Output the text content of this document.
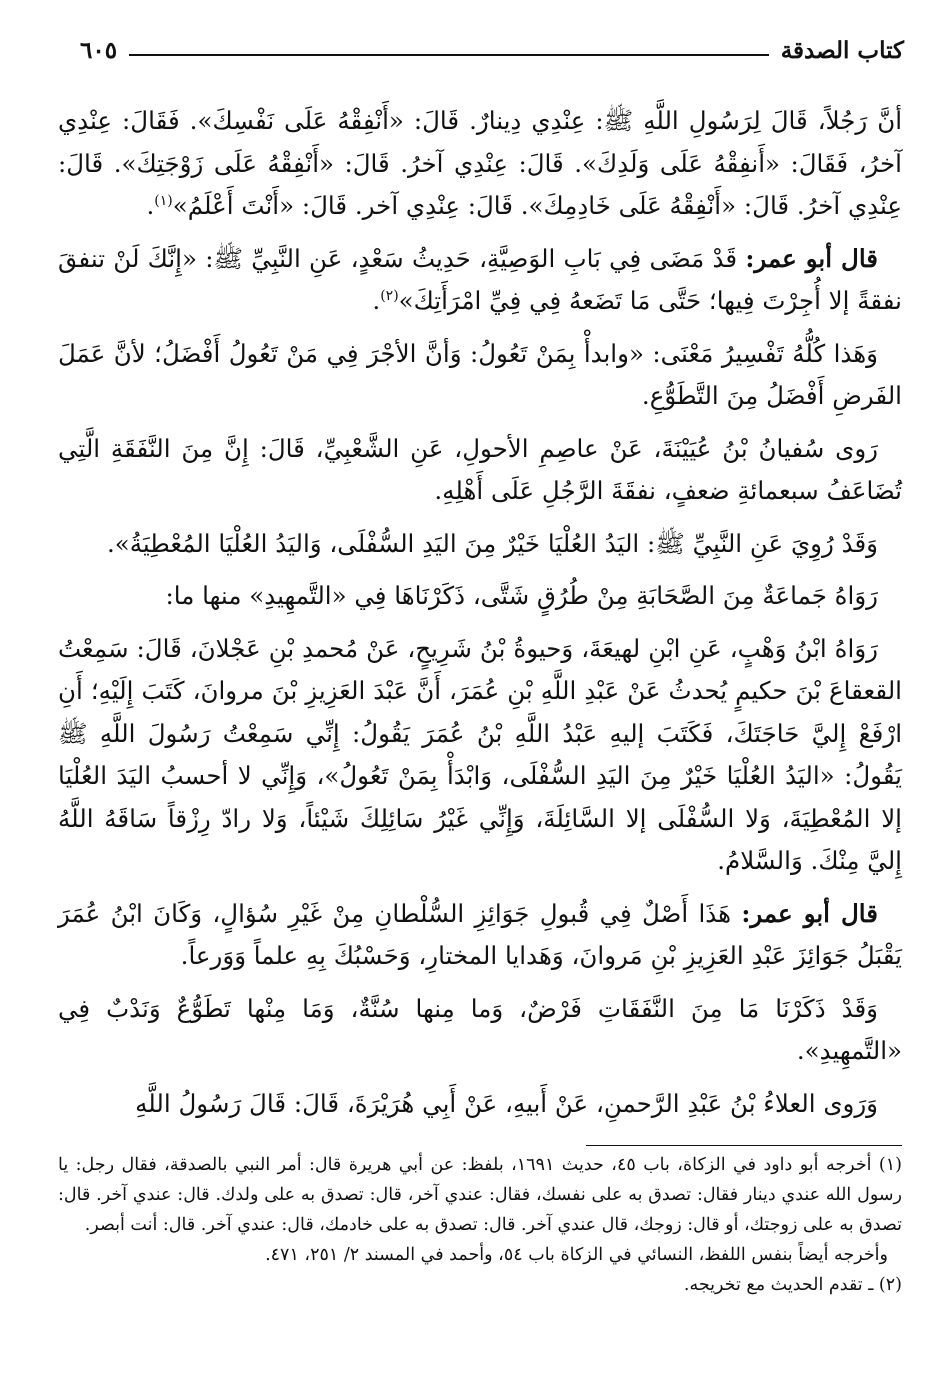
كتاب الصدقة
٦٠٥

أنَّ رَجُلاً، قَالَ لِرَسُولِ اللَّهِ ﷺ: عِنْدِي دِينارٌ. قَالَ: «أَنْفِقْهُ عَلَى نَفْسِكَ». فَقَالَ: عِنْدِي آخرُ، فَقَالَ: «أَنفِقْهُ عَلَى وَلَدِكَ». قَالَ: عِنْدِي آخرُ. قَالَ: «أَنْفِقْهُ عَلَى زَوْجَتِكَ». قَالَ: عِنْدِي آخرُ. قَالَ: «أَنْفِقْهُ عَلَى خَادِمِكَ». قَالَ: عِنْدِي آخر. قَالَ: «أَنْتَ أَعْلَمُ»$^{(١)}$.

قال أبو عمر: قَدْ مَضَى فِي بَابِ الوَصِيَّةِ، حَدِيثُ سَعْدٍ، عَنِ النَّبِيِّ ﷺ: «إِنَّكَ لَنْ تنفقَ نفقةً إلا أُجِرْتَ فِيها؛ حَتَّى مَا تَضَعهُ فِي فِيِّ امْرَأَتِكَ»$^{(٢)}$.

وَهَذا كُلُّهُ تَفْسِيرُ مَعْنَى: «وابدأْ بِمَنْ تَعُولُ: وَأنَّ الأجْرَ فِي مَنْ تَعُولُ أَفْضَلُ؛ لأنَّ عَمَلَ الفَرضِ أَفْضَلُ مِنَ التَّطَوُّعِ.

رَوى سُفيانُ بْنُ عُيَيْنَةَ، عَنْ عاصِمِ الأحولِ، عَنِ الشَّعْبِيِّ، قَالَ: إِنَّ مِنَ النَّفَقَةِ الَّتِي تُضَاعَفُ سبعمائةِ ضعفٍ، نفقَةَ الرَّجُلِ عَلَى أَهْلِهِ.

وَقَدْ رُوِيَ عَنِ النَّبِيِّ ﷺ: اليَدُ العُلْيَا خَيْرٌ مِنَ اليَدِ السُّفْلَى، وَاليَدُ العُلْيَا المُعْطِيَةُ».

رَوَاهُ جَماعَةٌ مِنَ الصَّحَابَةِ مِنْ طُرُقٍ شَتَّى، ذَكَرْنَاهَا فِي «التَّمهِيدِ» منها ما:

رَوَاهُ ابْنُ وَهْبٍ، عَنِ ابْنِ لهيعَةَ، وَحيوةُ بْنُ شَرِيحٍ، عَنْ مُحمدِ بْنِ عَجْلانَ، قَالَ: سَمِعْتُ القعقاعَ بْنَ حكيمٍ يُحدثُ عَنْ عَبْدِ اللَّهِ بْنِ عُمَرَ، أَنَّ عَبْدَ العَزِيزِ بْنَ مروانَ، كَتَبَ إِلَيْهِ؛ أَنِ ارْفَعْ إِليَّ حَاجَتَكَ، فَكَتَبَ إليهِ عَبْدُ اللَّهِ بْنُ عُمَرَ يَقُولُ: إِنِّي سَمِعْتُ رَسُولَ اللَّهِ ﷺ يَقُولُ: «اليَدُ العُلْيَا خَيْرٌ مِنَ اليَدِ السُّفْلَى، وَابْدَأْ بِمَنْ تَعُولُ»، وَإِنِّي لا أحسبُ اليَدَ العُلْيَا إلا المُعْطِيَةَ، وَلا السُّفْلَى إلا السَّائِلَةَ، وَإِنِّي غَيْرُ سَائِلِكَ شَيْئاً، وَلا رادّ رِزْقاً سَاقَهُ اللَّهُ إِليَّ مِنْكَ. وَالسَّلامُ.

قال أبو عمر: هَذَا أَصْلٌ فِي قُبولِ جَوَائِزِ السُّلْطانِ مِنْ غَيْرِ سُؤالٍ، وَكَانَ ابْنُ عُمَرَ يَقْبَلُ جَوَائِزَ عَبْدِ العَزِيزِ بْنِ مَروانَ، وَهَدايا المختارِ، وَحَسْبُكَ بِهِ علماً وَوَرعاً.

وَقَدْ ذَكَرْنَا مَا مِنَ النَّفَقَاتِ فَرْضٌ، وَما مِنها سُنَّةٌ، وَمَا مِنْها تَطَوُّعٌ وَنَدْبٌ فِي «التَّمهِيدِ».

وَرَوى العلاءُ بْنُ عَبْدِ الرَّحمنِ، عَنْ أَبيهِ، عَنْ أَبِي هُرَيْرَةَ، قَالَ: قَالَ رَسُولُ اللَّهِ

(١) أخرجه أبو داود في الزكاة، باب ٤٥، حديث ١٦٩١، بلفظ: عن أبي هريرة قال: أمر النبي بالصدقة، فقال رجل: يا رسول الله عندي دينار فقال: تصدق به على نفسك، فقال: عندي آخر، قال: تصدق به على ولدك. قال: عندي آخر. قال: تصدق به على زوجتك، أو قال: زوجك، قال عندي آخر. قال: تصدق به على خادمك، قال: عندي آخر. قال: أنت أبصر.

وأخرجه أيضاً بنفس اللفظ، النسائي في الزكاة باب ٥٤، وأحمد في المسند ٢/ ٢٥١، ٤٧١.

(٢) ـ تقدم الحديث مع تخريجه.
